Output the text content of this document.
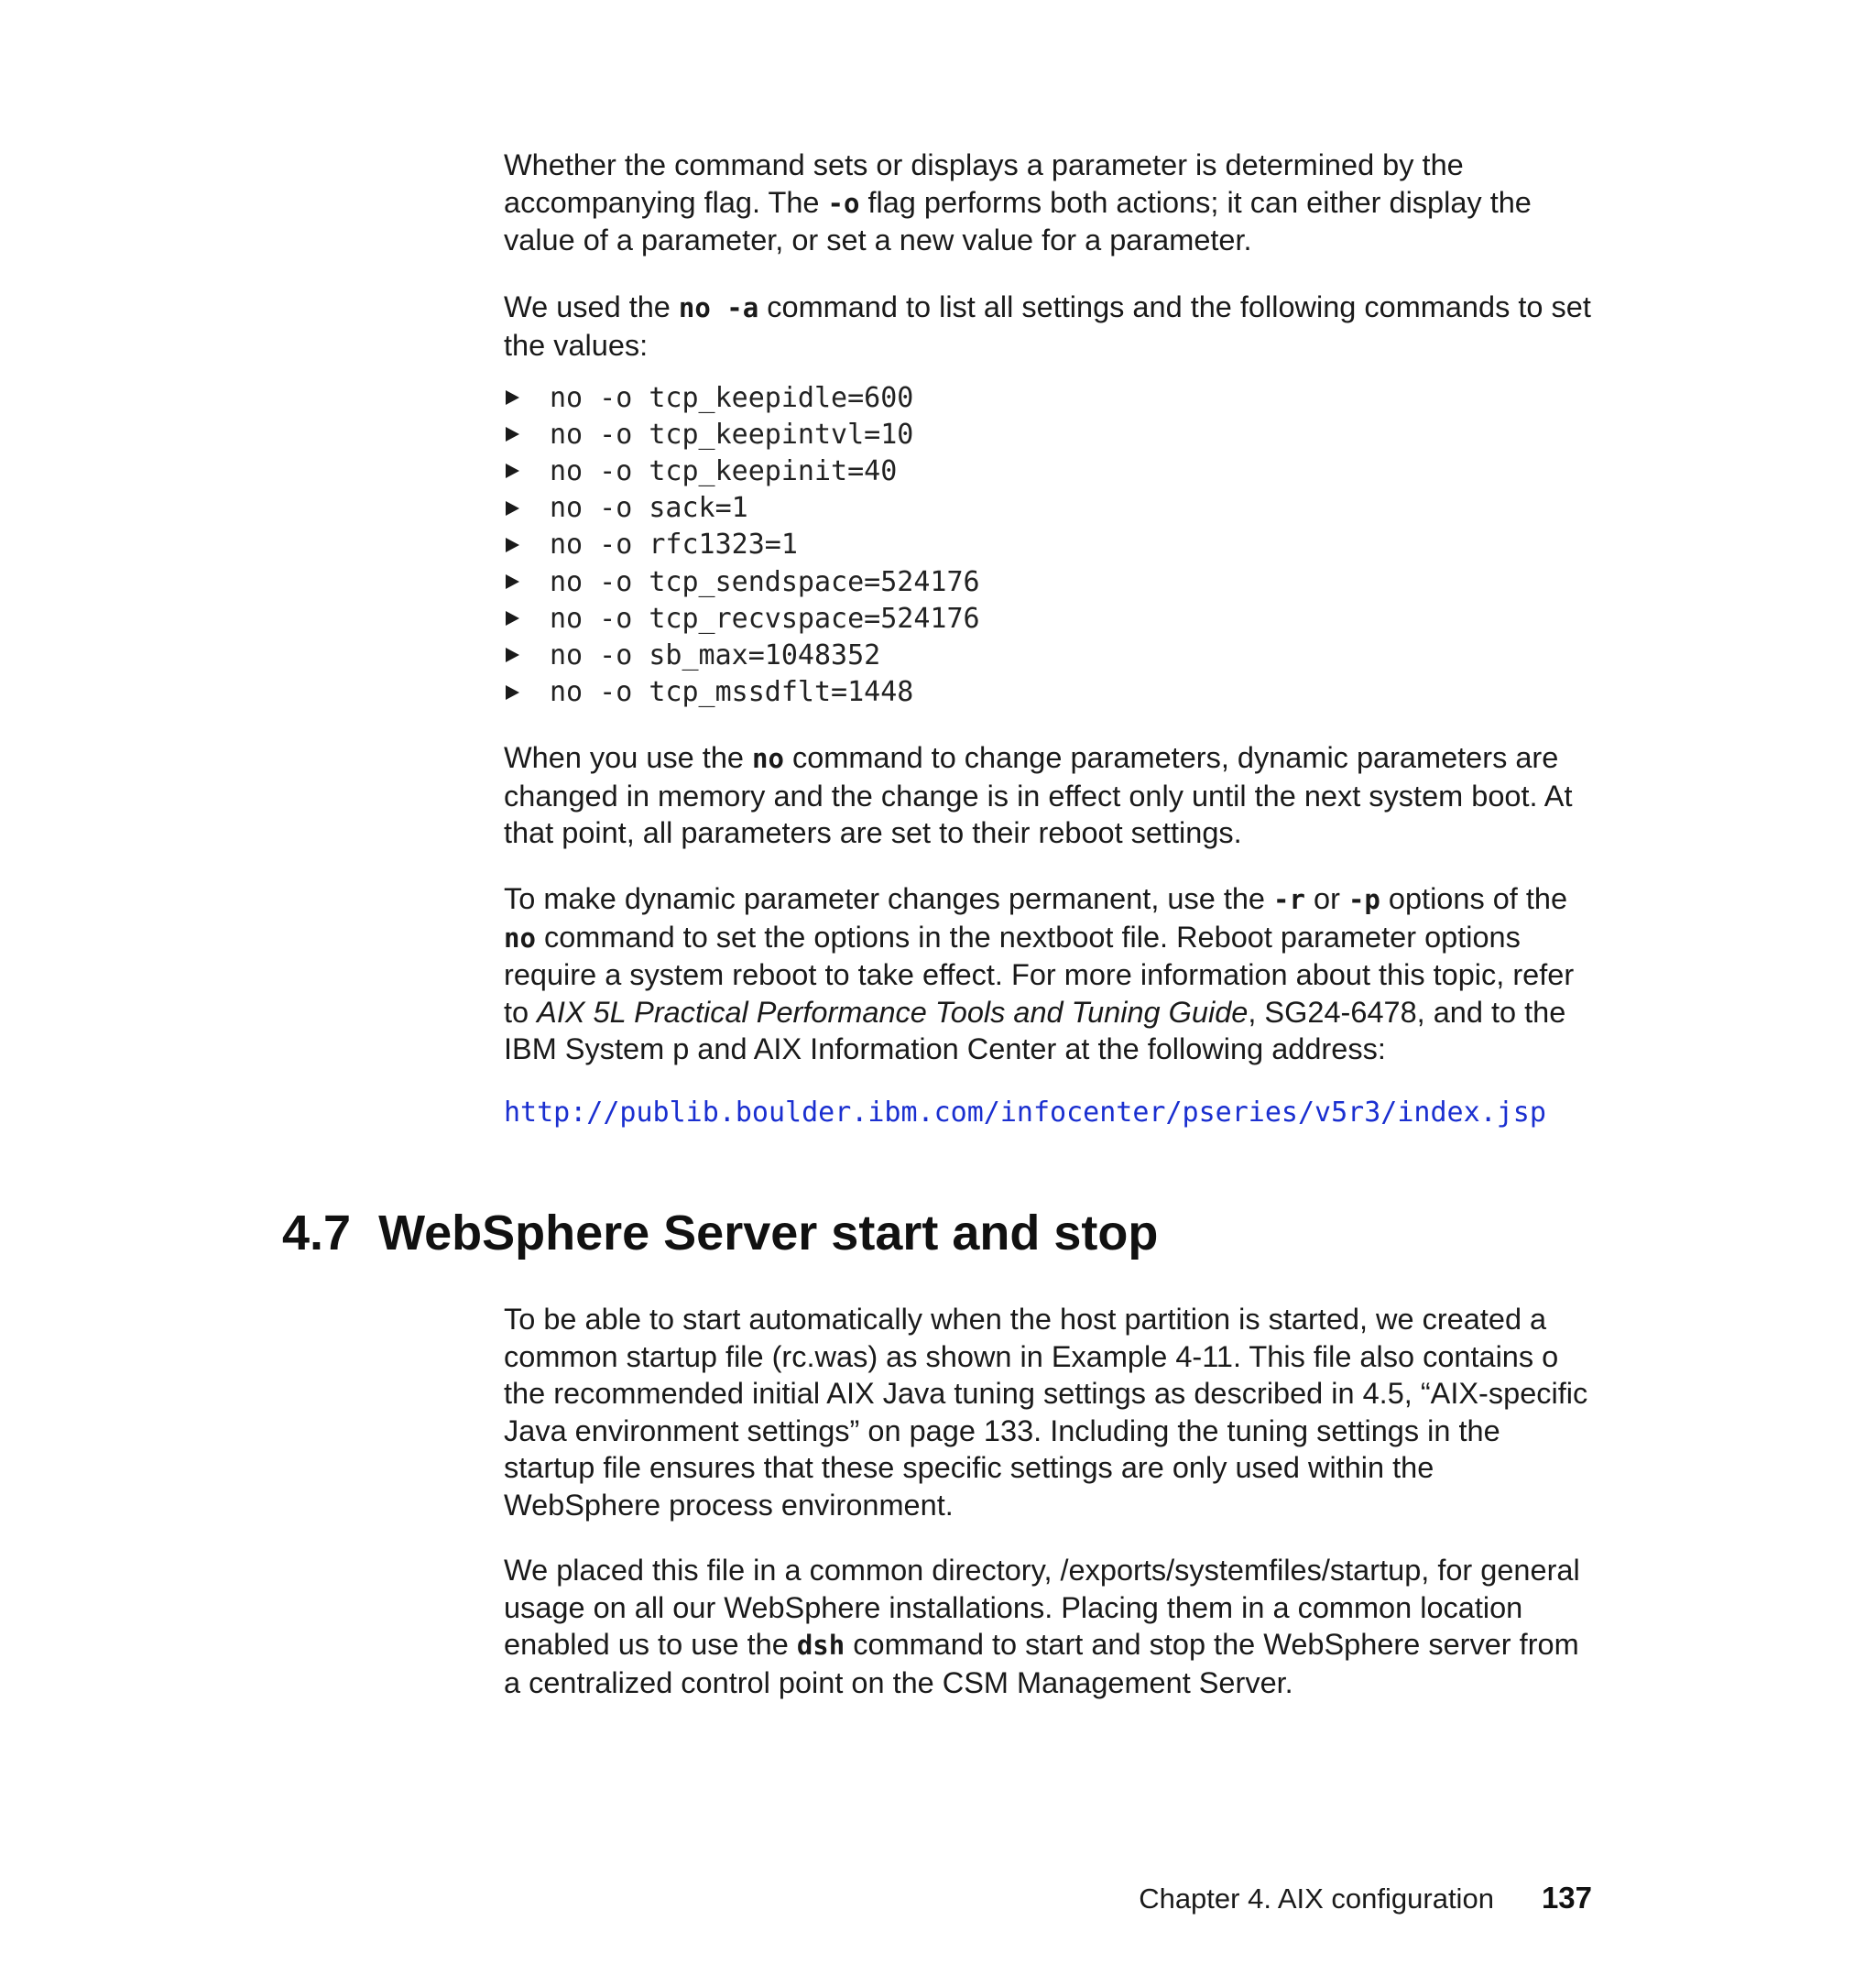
Whether the command sets or displays a parameter is determined by the accompanying flag. The -o flag performs both actions; it can either display the value of a parameter, or set a new value for a parameter.

We used the no -a command to list all settings and the following commands to set the values:

no -o tcp_keepidle=600
no -o tcp_keepintvl=10
no -o tcp_keepinit=40
no -o sack=1
no -o rfc1323=1
no -o tcp_sendspace=524176
no -o tcp_recvspace=524176
no -o sb_max=1048352
no -o tcp_mssdflt=1448

When you use the no command to change parameters, dynamic parameters are changed in memory and the change is in effect only until the next system boot. At that point, all parameters are set to their reboot settings.

To make dynamic parameter changes permanent, use the -r or -p options of the no command to set the options in the nextboot file. Reboot parameter options require a system reboot to take effect. For more information about this topic, refer to AIX 5L Practical Performance Tools and Tuning Guide, SG24-6478, and to the IBM System p and AIX Information Center at the following address:

http://publib.boulder.ibm.com/infocenter/pseries/v5r3/index.jsp
4.7 WebSphere Server start and stop

To be able to start automatically when the host partition is started, we created a common startup file (rc.was) as shown in Example 4-11. This file also contains o the recommended initial AIX Java tuning settings as described in 4.5, “AIX-specific Java environment settings” on page 133. Including the tuning settings in the startup file ensures that these specific settings are only used within the WebSphere process environment.

We placed this file in a common directory, /exports/systemfiles/startup, for general usage on all our WebSphere installations. Placing them in a common location enabled us to use the dsh command to start and stop the WebSphere server from a centralized control point on the CSM Management Server.

Chapter 4. AIX configuration 137
